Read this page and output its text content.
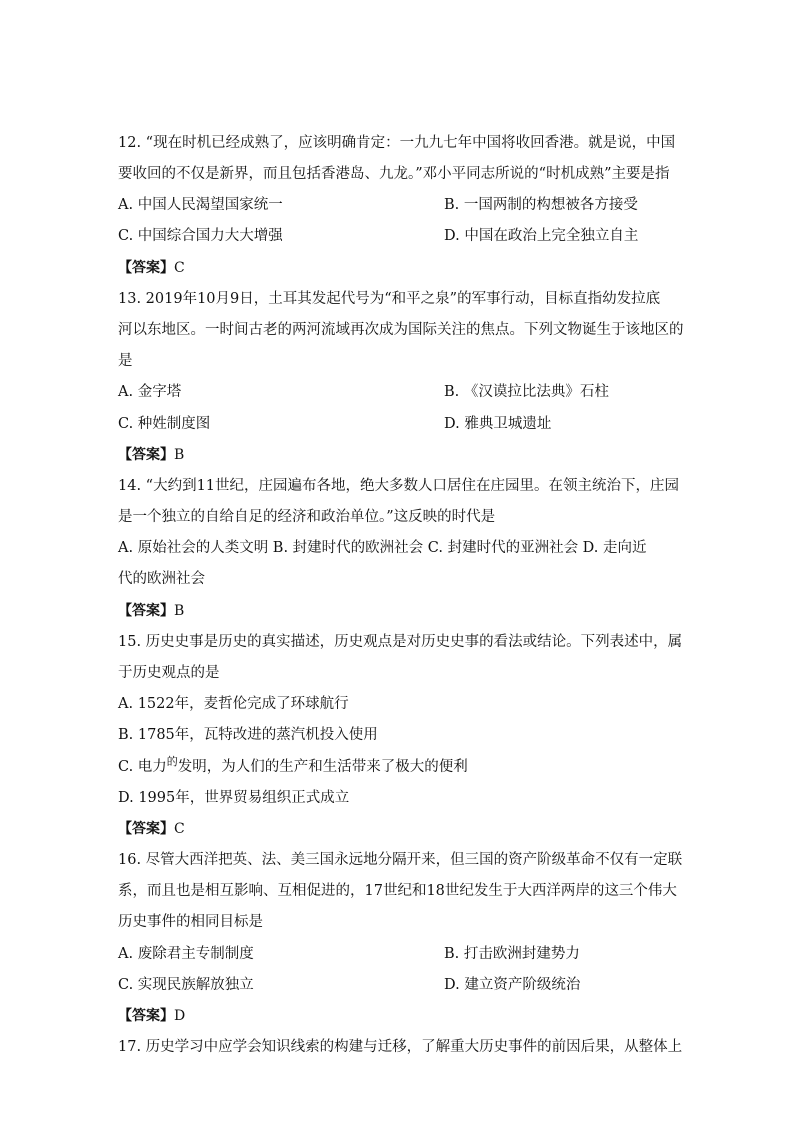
12. “现在时机已经成熟了，应该明确肯定：一九九七年中国将收回香港。就是说，中国
要收回的不仅是新界，而且包括香港岛、九龙。”邓小平同志所说的“时机成熟”主要是指
A. 中国人民渴望国家统一	B. 一国两制的构想被各方接受
C. 中国综合国力大大增强	D. 中国在政治上完全独立自主
【答案】C
13. 2019年10月9日，土耳其发起代号为“和平之泉”的军事行动，目标直指幼发拉底
河以东地区。一时间古老的两河流域再次成为国际关注的焦点。下列文物诞生于该地区的
是
A. 金字塔	B. 《汉谟拉比法典》石柱
C. 种姓制度图	D. 雅典卫城遗址
【答案】B
14. “大约到11世纪，庄园遍布各地，绝大多数人口居住在庄园里。在领主统治下，庄园
是一个独立的自给自足的经济和政治单位。”这反映的时代是
A. 原始社会的人类文明 B. 封建时代的欧洲社会 C. 封建时代的亚洲社会 D. 走向近
代的欧洲社会
【答案】B
15. 历史史事是历史的真实描述，历史观点是对历史史事的看法或结论。下列表述中，属
于历史观点的是
A. 1522年，麦哲伦完成了环球航行
B. 1785年，瓦特改进的蒸汽机投入使用
C. 电力$^的$发明，为人们的生产和生活带来了极大的便利
D. 1995年，世界贸易组织正式成立
【答案】C
16. 尽管大西洋把英、法、美三国永远地分隔开来，但三国的资产阶级革命不仅有一定联
系，而且也是相互影响、互相促进的，17世纪和18世纪发生于大西洋两岸的这三个伟大
历史事件的相同目标是
A. 废除君主专制制度	B. 打击欧洲封建势力
C. 实现民族解放独立	D. 建立资产阶级统治
【答案】D
17. 历史学习中应学会知识线索的构建与迁移，了解重大历史事件的前因后果，从整体上
